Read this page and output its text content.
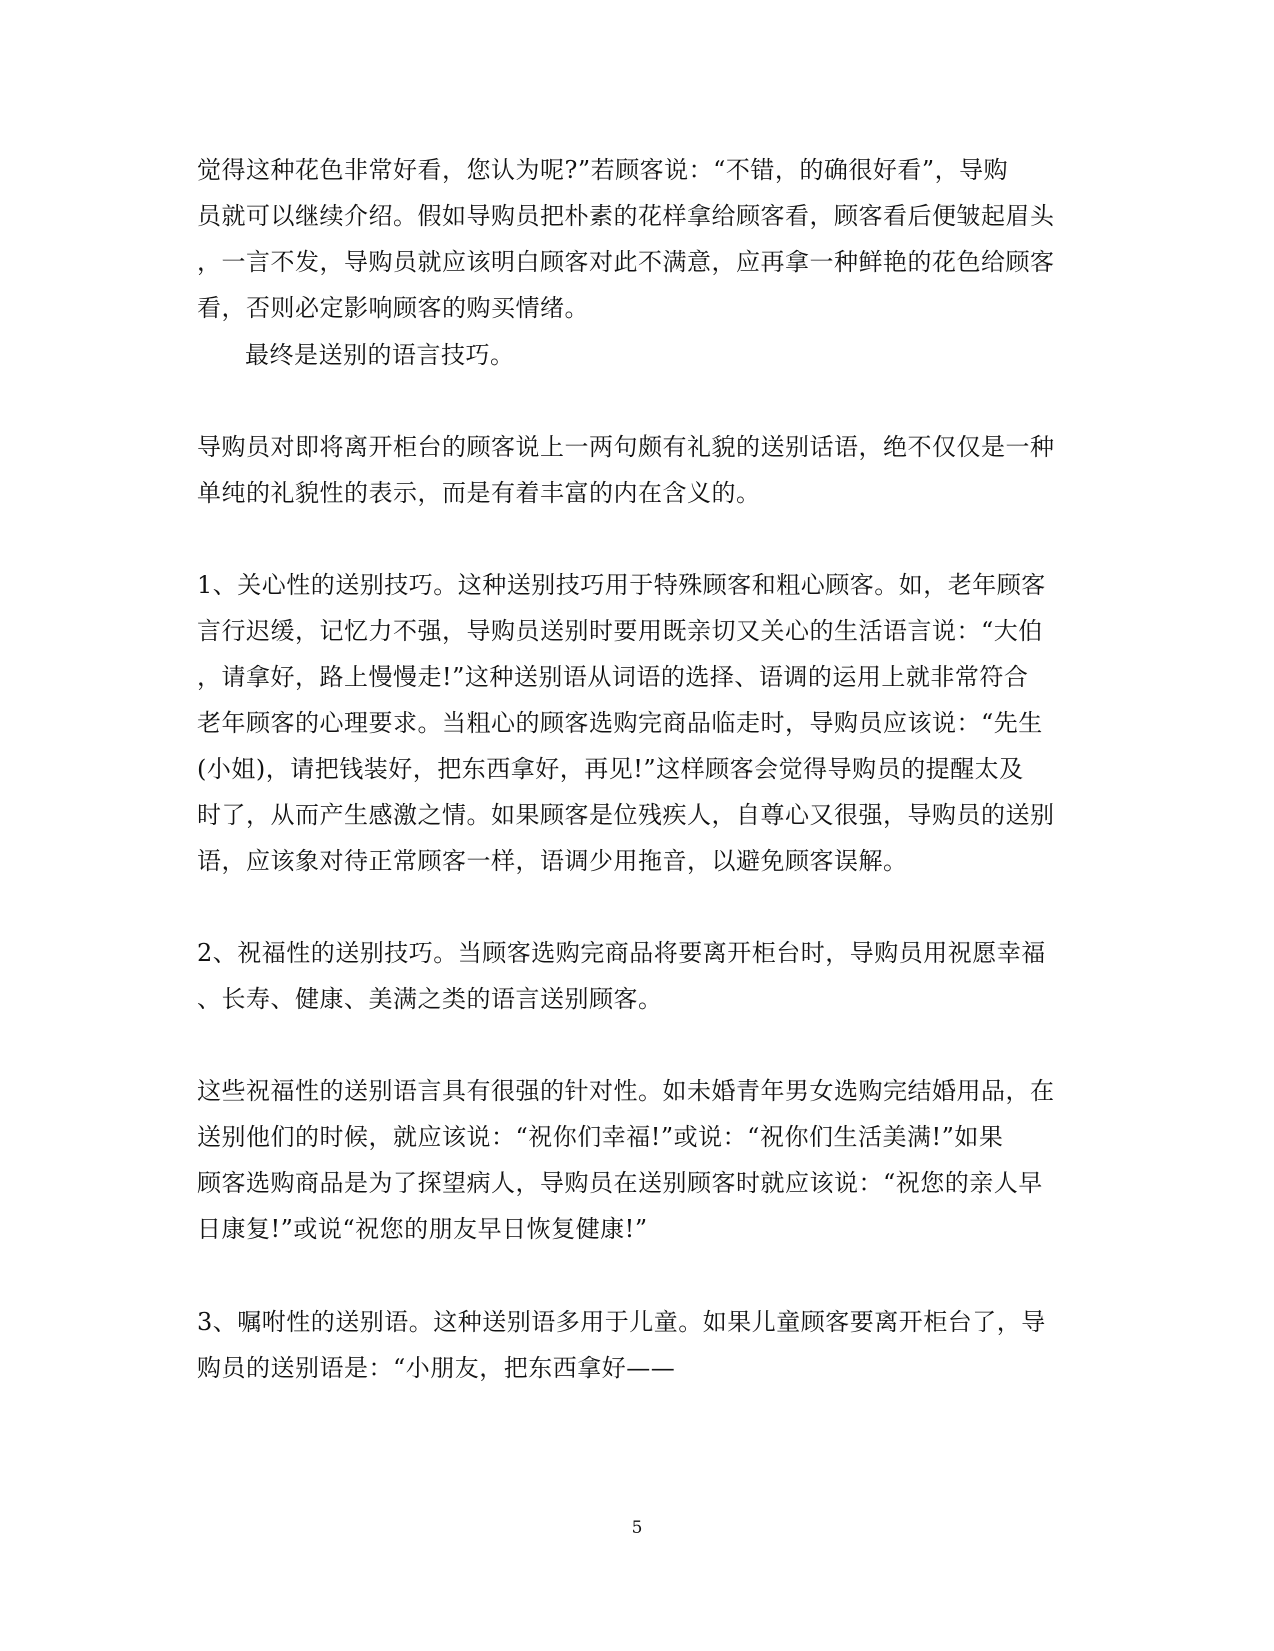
觉得这种花色非常好看，您认为呢?”若顾客说：“不错，的确很好看”，导购
员就可以继续介绍。假如导购员把朴素的花样拿给顾客看，顾客看后便皱起眉头
，一言不发，导购员就应该明白顾客对此不满意，应再拿一种鲜艳的花色给顾客
看，否则必定影响顾客的购买情绪。
最终是送别的语言技巧。
导购员对即将离开柜台的顾客说上一两句颇有礼貌的送别话语，绝不仅仅是一种
单纯的礼貌性的表示，而是有着丰富的内在含义的。
1、关心性的送别技巧。这种送别技巧用于特殊顾客和粗心顾客。如，老年顾客
言行迟缓，记忆力不强，导购员送别时要用既亲切又关心的生活语言说：“大伯
，请拿好，路上慢慢走!”这种送别语从词语的选择、语调的运用上就非常符合
老年顾客的心理要求。当粗心的顾客选购完商品临走时，导购员应该说：“先生
(小姐)，请把钱装好，把东西拿好，再见!”这样顾客会觉得导购员的提醒太及
时了，从而产生感激之情。如果顾客是位残疾人，自尊心又很强，导购员的送别
语，应该象对待正常顾客一样，语调少用拖音，以避免顾客误解。
2、祝福性的送别技巧。当顾客选购完商品将要离开柜台时，导购员用祝愿幸福
、长寿、健康、美满之类的语言送别顾客。
这些祝福性的送别语言具有很强的针对性。如未婚青年男女选购完结婚用品，在
送别他们的时候，就应该说：“祝你们幸福!”或说：“祝你们生活美满!”如果
顾客选购商品是为了探望病人，导购员在送别顾客时就应该说：“祝您的亲人早
日康复!”或说“祝您的朋友早日恢复健康!”
3、嘱咐性的送别语。这种送别语多用于儿童。如果儿童顾客要离开柜台了，导
购员的送别语是：“小朋友，把东西拿好——
5
